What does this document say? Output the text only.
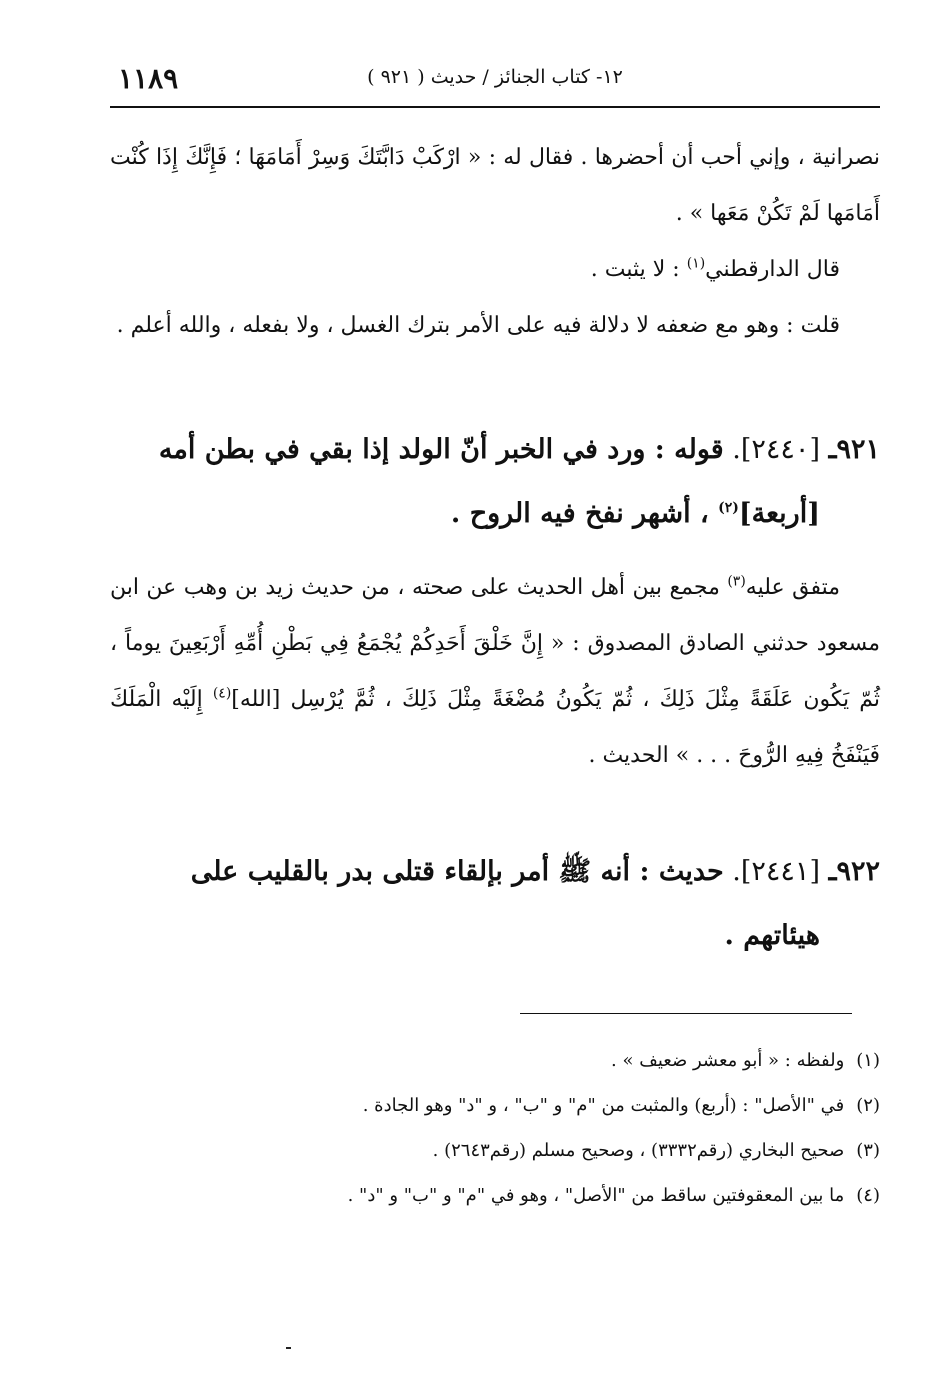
١٢- كتاب الجنائز / حديث ( ٩٢١ )
١١٨٩

نصرانية ، وإني أحب أن أحضرها . فقال له : « ارْكَبْ دَابَّتَكَ وَسِرْ أَمَامَهَا ؛ فَإِنَّكَ إِذَا كُنْت أَمَامَها لَمْ تَكُنْ مَعَها » .

قال الدارقطني$^{(١)}$ : لا يثبت .

قلت : وهو مع ضعفه لا دلالة فيه على الأمر بترك الغسل ، ولا بفعله ، والله أعلم .

٩٢١ـ [٢٤٤٠]. قوله : ورد في الخبر أنّ الولد إذا بقي في بطن أمه
[أربعة]$^{(٢)}$ ، أشهر نفخ فيه الروح .

متفق عليه$^{(٣)}$ مجمع بين أهل الحديث على صحته ، من حديث زيد بن وهب عن ابن مسعود حدثني الصادق المصدوق : « إِنَّ خَلْقَ أَحَدِكُمْ يُجْمَعُ فِي بَطْنِ أُمِّهِ أَرْبَعِينَ يوماً ، ثُمّ يَكُون عَلَقَةً مِثْلَ ذَلِكَ ، ثُمّ يَكُونُ مُضْغَةً مِثْلَ ذَلِكَ ، ثُمَّ يُرْسِل [الله]$^{(٤)}$ إِلَيْه الْمَلَكَ فَيَنْفَخُ فِيهِ الرُّوحَ . . . » الحديث .

٩٢٢ـ [٢٤٤١]. حديث : أنه ﷺ أمر بإلقاء قتلى بدر بالقليب على
هيئاتهم .

(١)ولفظه : « أبو معشر ضعيف » .

(٢)في "الأصل" : (أربع) والمثبت من "م" و "ب" ، و "د" وهو الجادة .

(٣)صحيح البخاري (رقم٣٣٣٢) ، وصحيح مسلم (رقم٢٦٤٣) .

(٤)ما بين المعقوفتين ساقط من "الأصل" ، وهو في "م" و "ب" و "د" .
